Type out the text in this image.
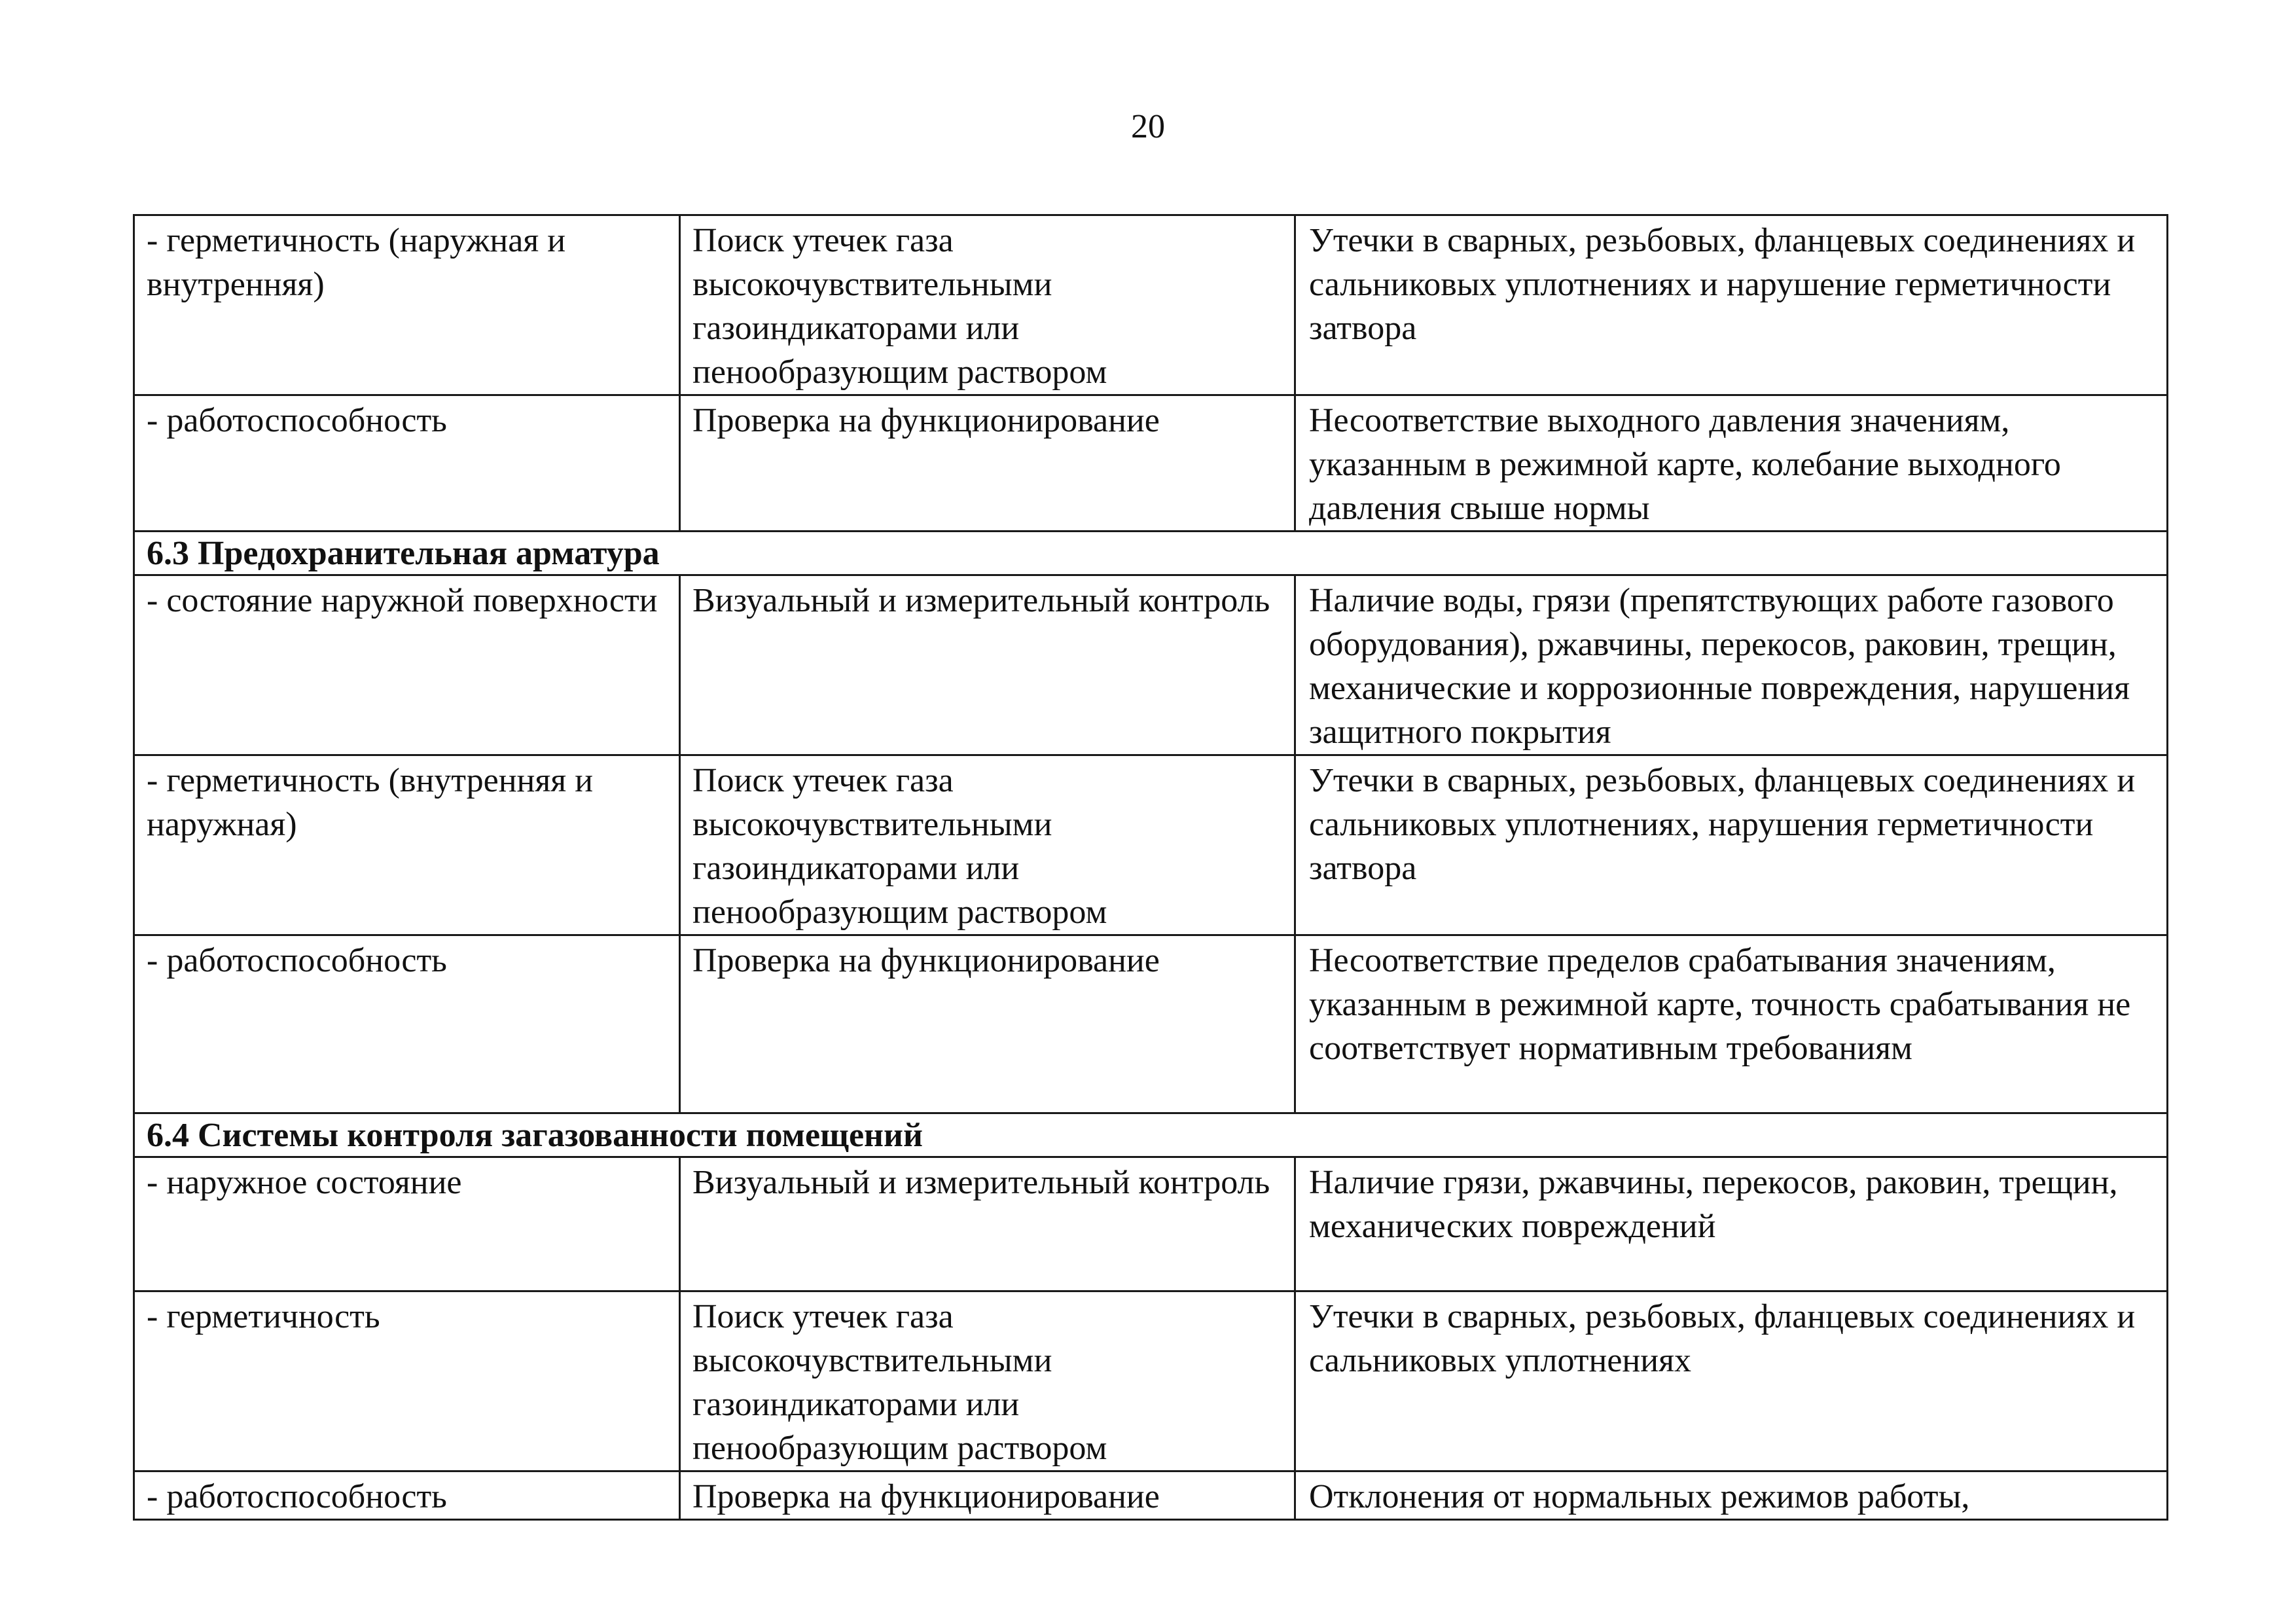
20
- герметичность (наружная и внутренняя)	Поиск утечек газа высокочувствительными газоиндикаторами или пенообразующим раствором	Утечки в сварных, резьбовых, фланцевых соединениях и сальниковых уплотнениях и нарушение герметичности затвора
- работоспособность	Проверка на функционирование	Несоответствие выходного давления значениям, указанным в режимной карте, колебание выходного давления свыше нормы
6.3 Предохранительная арматура		
- состояние наружной поверхности	Визуальный и измерительный контроль	Наличие воды, грязи (препятствующих работе газового оборудования), ржавчины, перекосов, раковин, трещин, механические и коррозионные повреждения, нарушения защитного покрытия
- герметичность (внутренняя и наружная)	Поиск утечек газа высокочувствительными газоиндикаторами или пенообразующим раствором	Утечки в сварных, резьбовых, фланцевых соединениях и сальниковых уплотнениях, нарушения герметичности затвора
- работоспособность	Проверка на функционирование	Несоответствие пределов срабатывания значениям, указанным в режимной карте, точность срабатывания не соответствует нормативным требованиям
6.4 Системы контроля загазованности помещений		
- наружное состояние	Визуальный и измерительный контроль	Наличие грязи, ржавчины, перекосов, раковин, трещин, механических повреждений
- герметичность	Поиск утечек газа высокочувствительными газоиндикаторами или пенообразующим раствором	Утечки в сварных, резьбовых, фланцевых соединениях и сальниковых уплотнениях
- работоспособность	Проверка на функционирование	Отклонения от нормальных режимов работы,
